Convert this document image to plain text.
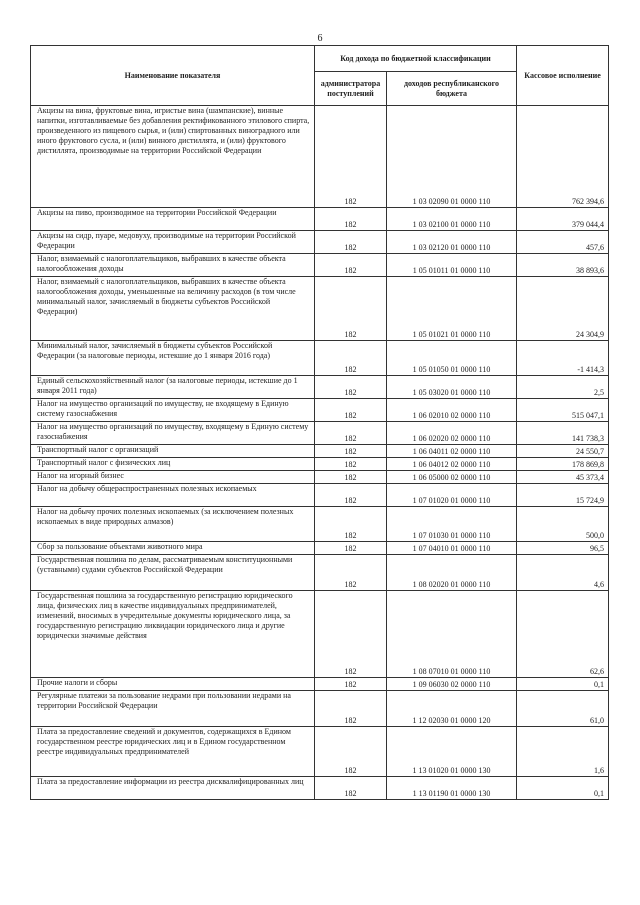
6
Наименование показателя	Код дохода по бюджетной классификации		Кассовое исполнение
	администратора поступлений	доходов республиканского бюджета	
Акцизы на вина, фруктовые вина, игристые вина (шампанские), винные напитки, изготавливаемые без добавления ректификованного этилового спирта, произведенного из пищевого сырья, и (или) спиртованных виноградного или иного фруктового сусла, и (или) винного дистиллята, и (или) фруктового дистиллята, производимые на территории Российской Федерации	182	1 03 02090 01 0000 110	762 394,6
Акцизы на пиво, производимое на территории Российской Федерации	182	1 03 02100 01 0000 110	379 044,4
Акцизы на сидр, пуаре, медовуху, производимые на территории Российской Федерации	182	1 03 02120 01 0000 110	457,6
Налог, взимаемый с налогоплательщиков, выбравших в качестве объекта налогообложения доходы	182	1 05 01011 01 0000 110	38 893,6
Налог, взимаемый с налогоплательщиков, выбравших в качестве объекта налогообложения доходы, уменьшенные на величину расходов (в том числе минимальный налог, зачисляемый в бюджеты субъектов Российской Федерации)	182	1 05 01021 01 0000 110	24 304,9
Минимальный налог, зачисляемый в бюджеты субъектов Российской Федерации (за налоговые периоды, истекшие до 1 января 2016 года)	182	1 05 01050 01 0000 110	-1 414,3
Единый сельскохозяйственный налог (за налоговые периоды, истекшие до 1 января 2011 года)	182	1 05 03020 01 0000 110	2,5
Налог на имущество организаций по имуществу, не входящему в Единую систему газоснабжения	182	1 06 02010 02 0000 110	515 047,1
Налог на имущество организаций по имуществу, входящему в Единую систему газоснабжения	182	1 06 02020 02 0000 110	141 738,3
Транспортный налог с организаций	182	1 06 04011 02 0000 110	24 550,7
Транспортный налог с физических лиц	182	1 06 04012 02 0000 110	178 869,8
Налог на игорный бизнес	182	1 06 05000 02 0000 110	45 373,4
Налог на добычу общераспространенных полезных ископаемых	182	1 07 01020 01 0000 110	15 724,9
Налог на добычу прочих полезных ископаемых (за исключением полезных ископаемых в виде природных алмазов)	182	1 07 01030 01 0000 110	500,0
Сбор за пользование объектами животного мира	182	1 07 04010 01 0000 110	96,5
Государственная пошлина по делам, рассматриваемым конституционными (уставными) судами субъектов Российской Федерации	182	1 08 02020 01 0000 110	4,6
Государственная пошлина за государственную регистрацию юридического лица, физических лиц в качестве индивидуальных предпринимателей, изменений, вносимых в учредительные документы юридического лица, за государственную регистрацию ликвидации юридического лица и другие юридически значимые действия	182	1 08 07010 01 0000 110	62,6
Прочие налоги и сборы	182	1 09 06030 02 0000 110	0,1
Регулярные платежи за пользование недрами при пользовании недрами на территории Российской Федерации	182	1 12 02030 01 0000 120	61,0
Плата за предоставление сведений и документов, содержащихся в Едином государственном реестре юридических лиц и в Едином государственном реестре индивидуальных предпринимателей	182	1 13 01020 01 0000 130	1,6
Плата за предоставление информации из реестра дисквалифицированных лиц	182	1 13 01190 01 0000 130	0,1
